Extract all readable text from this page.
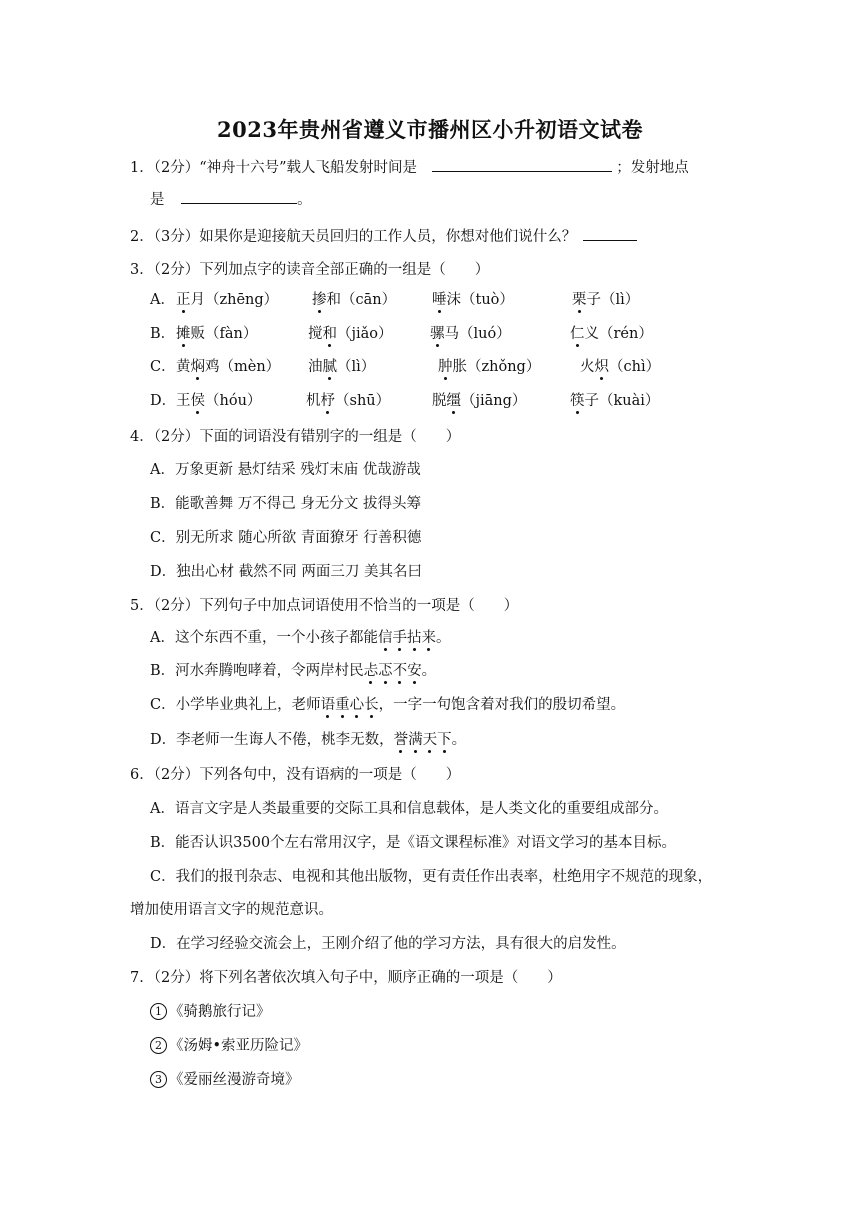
2023年贵州省遵义市播州区小升初语文试卷
1．（2分）“神舟十六号”载人飞船发射时间是	；发射地点
是	。
2．（3分）如果你是迎接航天员回归的工作人员，你想对他们说什么？
3．（2分）下列加点字的读音全部正确的一组是（　　）
A． 正月（zhēng） 掺和（cān） 唾沫（tuò）	栗子（lì）
B． 摊贩（fàn）	搅和（jiǎo）	骡马（luó）	仁义（rén）
C． 黄焖鸡（mèn） 油腻（lì）	肿胀（zhǒng）	火炽（chì）
D． 王侯（hóu）	机杼（shū）	脱缰（jiāng）	筷子（kuài）
4．（2分）下面的词语没有错别字的一组是（　　）
A．万象更新 悬灯结采 残灯末庙 优哉游哉
B．能歌善舞 万不得己 身无分文 拔得头筹
C．别无所求 随心所欲 青面獠牙 行善积德
D．独出心材 截然不同 两面三刀 美其名曰
5．（2分）下列句子中加点词语使用不恰当的一项是（　　）
A．这个东西不重，一个小孩子都能信手拈来。
B．河水奔腾咆哮着，令两岸村民忐忑不安。
C．小学毕业典礼上，老师语重心长，一字一句饱含着对我们的殷切希望。
D．李老师一生诲人不倦，桃李无数，誉满天下。
6．（2分）下列各句中，没有语病的一项是（　　）
A．语言文字是人类最重要的交际工具和信息载体，是人类文化的重要组成部分。
B．能否认识3500个左右常用汉字，是《语文课程标准》对语文学习的基本目标。
C．我们的报刊杂志、电视和其他出版物，更有责任作出表率，杜绝用字不规范的现象，
增加使用语言文字的规范意识。
D．在学习经验交流会上，王刚介绍了他的学习方法，具有很大的启发性。
7．（2分）将下列名著依次填入句子中，顺序正确的一项是（　　）
1 《骑鹅旅行记》
2 《汤姆•索亚历险记》
3 《爱丽丝漫游奇境》
